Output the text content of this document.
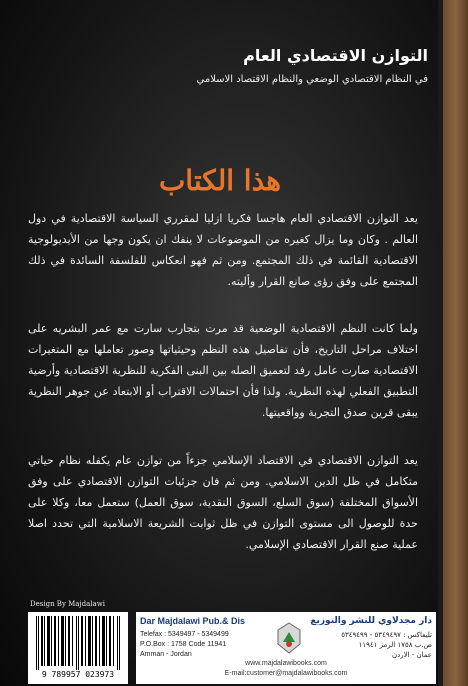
التوازن الاقتصادي العام
في النظام الاقتصادي الوضعي والنظام الاقتصاد الاسلامي
هذا الكتاب
يعد التوازن الاقتصادي العام هاجسا فكريا ازليا لمقرري السياسة الاقتصادية في دول العالم . وكان وما يزال كغيره من الموضوعات لا ينفك ان يكون وجها من الأيديولوجية الاقتصادية القائمة في ذلك المجتمع. ومن ثم فهو انعكاس للفلسفة السائدة في ذلك المجتمع على وفق رؤى صانع القرار وأليته.
ولما كانت النظم الاقتصادية الوضعية قد مرت بتجارب سارت مع عمر البشريه على اختلاف مراحل التاريخ، فأن تفاصيل هذه النظم وحيثياتها وصور تعاملها مع المتغيرات الاقتصادية صارت عامل رفد لتعميق الصله بين البنى الفكرية للنظرية الاقتصادية وأرضية التطبيق الفعلي لهذه النظرية. ولذا فأن احتمالات الاقتراب أو الابتعاد عن جوهر النظرية يبقى قرين صدق التجربة وواقعيتها.
يعد التوازن الاقتصادي في الاقتصاد الإسلامي جزءاً من توازن عام يكفله نظام حياتي متكامل في ظل الدين الاسلامي. ومن ثم فان جزئيات التوازن الاقتصادي على وفق الأسواق المختلفة (سوق السلع، السوق النقدية، سوق العمل) ستعمل معا، وكلا على حدة للوصول الى مستوى التوازن في ظل ثوابت الشريعة الاسلامية التي تحدد اصلا عملية صنع القرار الاقتصادي الإسلامي.
Design By Majdalawi
9 789957 023973
Dar Majdalawi Pub.& Dis
Telefax : 5349497 - 5349499
P.O.Box : 1758 Code 11941
Amman - Jordan
دار مجدلاوي للنشر والتوزيع
تليفاكس : ٥٣٤٩٤٩٧ - ٥٣٤٩٤٩٩
ص.ب ١٧٥٨ الرمز ١١٩٤١
عمان - الاردن
www.majdalawibooks.com
E-mail:customer@majdalawibooks.com
